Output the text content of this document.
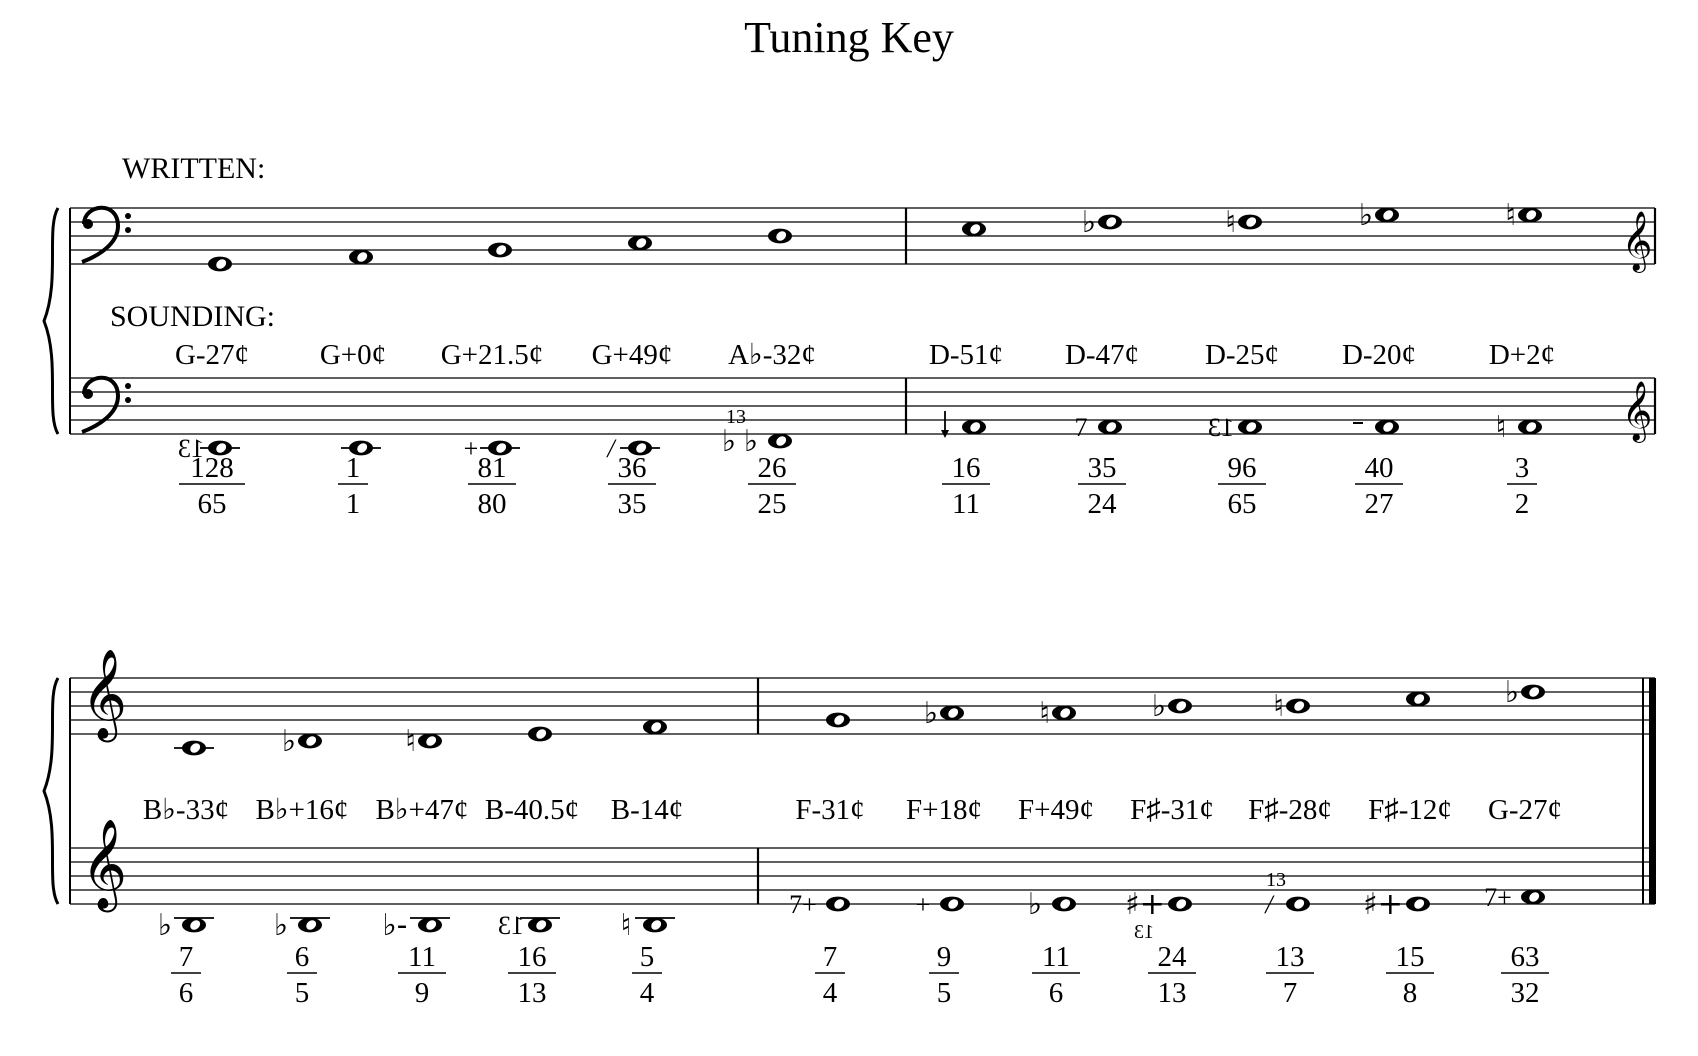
Tuning Key
WRITTEN:
SOUNDING:
𝄞
𝄞
G-27¢
13
128
65
G+0¢
1
1
G+21.5¢
+
81
80
G+49¢
/
36
35
A♭-32¢
♭
♭
13
26
25
D-51¢
16
11
♭
D-47¢
7
35
24
♮
D-25¢
13
96
65
♭
D-20¢
40
27
♮
D+2¢
♮
3
2
𝄞
𝄞
B♭-33¢
♭
7
6
♭
B♭+16¢
♭
6
5
♮
B♭+47¢
♭-
11
9
B-40.5¢
13
16
13
B-14¢
♮
5
4
F-31¢
7+
7
4
♭
F+18¢
+
9
5
♮
F+49¢
♭
11
6
♭
F♯-31¢
♯+
13
24
13
♮
F♯-28¢
/
13
13
7
F♯-12¢
♯+
15
8
♭
G-27¢
7+
63
32
